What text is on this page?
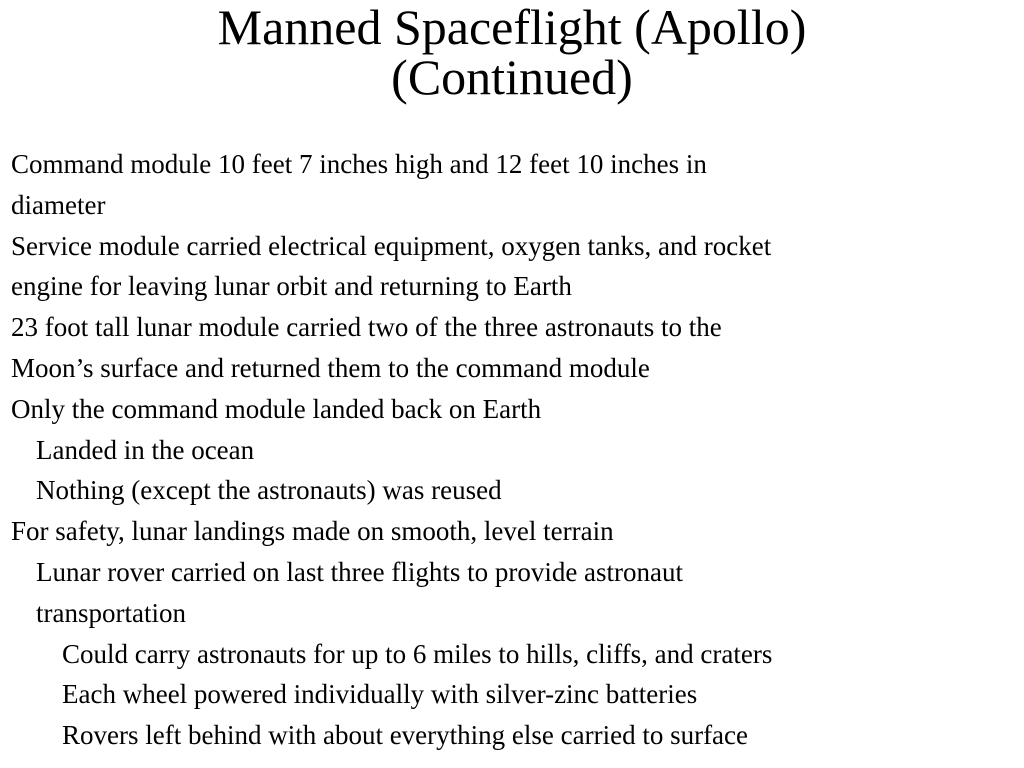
Manned Spaceflight (Apollo)
(Continued)

Command module 10 feet 7 inches high and 12 feet 10 inches in

diameter

Service module carried electrical equipment, oxygen tanks, and rocket

engine for leaving lunar orbit and returning to Earth

23 foot tall lunar module carried two of the three astronauts to the

Moon’s surface and returned them to the command module

Only the command module landed back on Earth

Landed in the ocean

Nothing (except the astronauts) was reused

For safety, lunar landings made on smooth, level terrain

Lunar rover carried on last three flights to provide astronaut

transportation

Could carry astronauts for up to 6 miles to hills, cliffs, and craters

Each wheel powered individually with silver-zinc batteries

Rovers left behind with about everything else carried to surface
